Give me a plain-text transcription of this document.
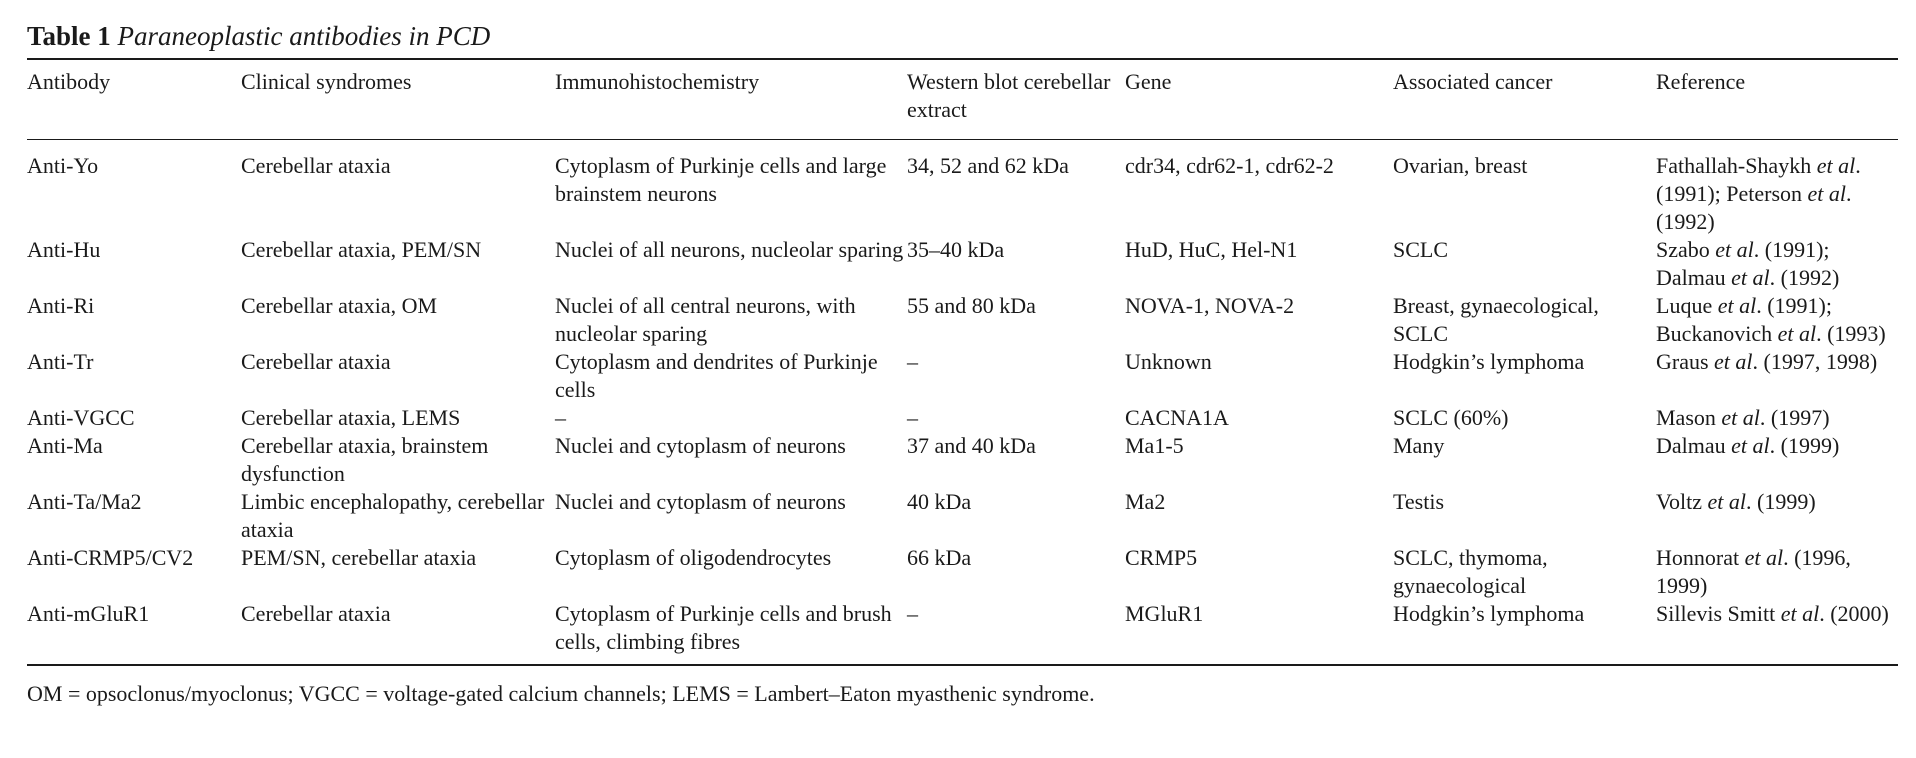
Table 1 Paraneoplastic antibodies in PCD
Antibody	Clinical syndromes	Immunohistochemistry	Western blot cerebellar extract	Gene	Associated cancer	Reference

Anti-Yo	Cerebellar ataxia	Cytoplasm of Purkinje cells and large brainstem neurons	34, 52 and 62 kDa	cdr34, cdr62-1, cdr62-2	Ovarian, breast	Fathallah-Shaykh et al. (1991); Peterson et al. (1992)
Anti-Hu	Cerebellar ataxia, PEM/SN	Nuclei of all neurons, nucleolar sparing	35–40 kDa	HuD, HuC, Hel-N1	SCLC	Szabo et al. (1991); Dalmau et al. (1992)
Anti-Ri	Cerebellar ataxia, OM	Nuclei of all central neurons, with nucleolar sparing	55 and 80 kDa	NOVA-1, NOVA-2	Breast, gynaecological, SCLC	Luque et al. (1991); Buckanovich et al. (1993)
Anti-Tr	Cerebellar ataxia	Cytoplasm and dendrites of Purkinje cells	–	Unknown	Hodgkin’s lymphoma	Graus et al. (1997, 1998)
Anti-VGCC	Cerebellar ataxia, LEMS	–	–	CACNA1A	SCLC (60%)	Mason et al. (1997)
Anti-Ma	Cerebellar ataxia, brainstem dysfunction	Nuclei and cytoplasm of neurons	37 and 40 kDa	Ma1-5	Many	Dalmau et al. (1999)
Anti-Ta/Ma2	Limbic encephalopathy, cerebellar ataxia	Nuclei and cytoplasm of neurons	40 kDa	Ma2	Testis	Voltz et al. (1999)
Anti-CRMP5/CV2	PEM/SN, cerebellar ataxia	Cytoplasm of oligodendrocytes	66 kDa	CRMP5	SCLC, thymoma, gynaecological	Honnorat et al. (1996, 1999)
Anti-mGluR1	Cerebellar ataxia	Cytoplasm of Purkinje cells and brush cells, climbing fibres	–	MGluR1	Hodgkin’s lymphoma	Sillevis Smitt et al. (2000)
OM = opsoclonus/myoclonus; VGCC = voltage-gated calcium channels; LEMS = Lambert–Eaton myasthenic syndrome.
